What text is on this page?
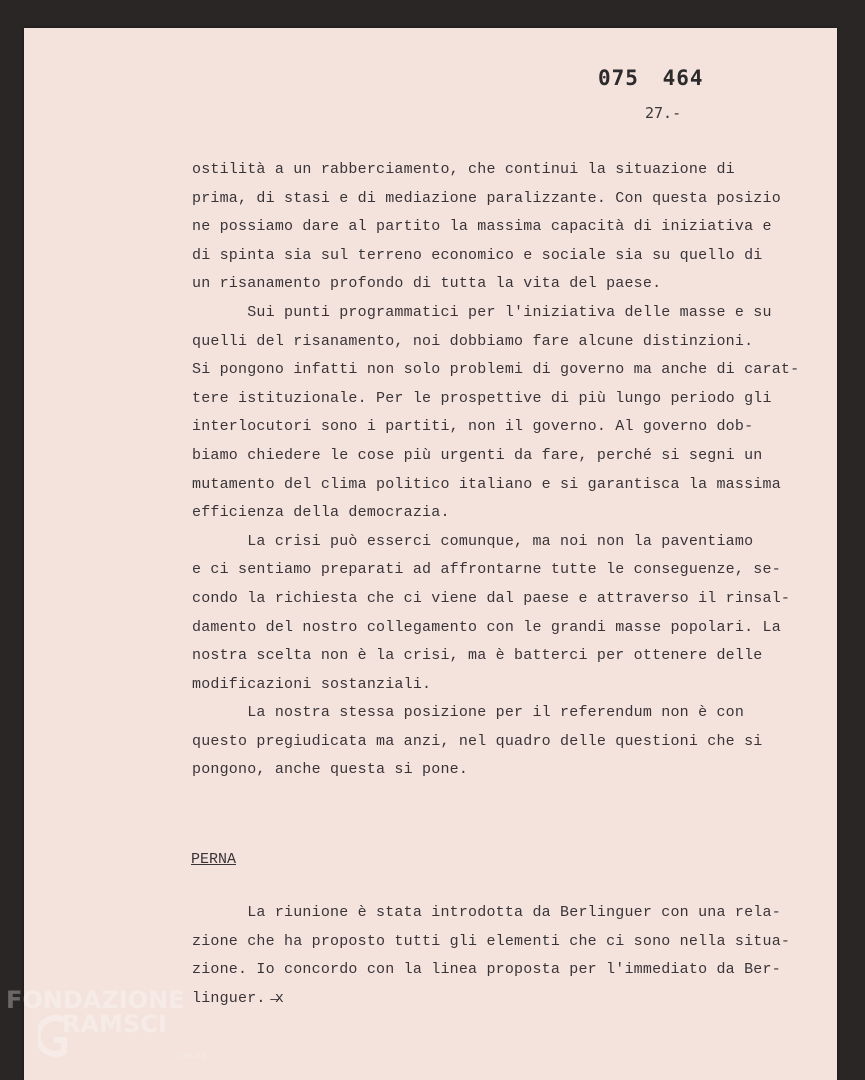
075 464
27.-
ostilità a un rabberciamento, che continui la situazione di
prima, di stasi e di mediazione paralizzante. Con questa posizio
ne possiamo dare al partito la massima capacità di iniziativa e
di spinta sia sul terreno economico e sociale sia su quello di
un risanamento profondo di tutta la vita del paese.
Sui punti programmatici per l'iniziativa delle masse e su
quelli del risanamento, noi dobbiamo fare alcune distinzioni.
Si pongono infatti non solo problemi di governo ma anche di carat-
tere istituzionale. Per le prospettive di più lungo periodo gli
interlocutori sono i partiti, non il governo. Al governo dob-
biamo chiedere le cose più urgenti da fare, perché si segni un
mutamento del clima politico italiano e si garantisca la massima
efficienza della democrazia.
La crisi può esserci comunque, ma noi non la paventiamo
e ci sentiamo preparati ad affrontarne tutte le conseguenze, se-
condo la richiesta che ci viene dal paese e attraverso il rinsal-
damento del nostro collegamento con le grandi masse popolari. La
nostra scelta non è la crisi, ma è batterci per ottenere delle
modificazioni sostanziali.
La nostra stessa posizione per il referendum non è con
questo pregiudicata ma anzi, nel quadro delle questioni che si
pongono, anche questa si pone.
PERNA
La riunione è stata introdotta da Berlinguer con una rela-
zione che ha proposto tutti gli elementi che ci sono nella situa-
zione. Io concordo con la linea proposta per l'immediato da Ber-
linguer. ̶x
FONDAZIONE
RAMSCI
ONLUS
